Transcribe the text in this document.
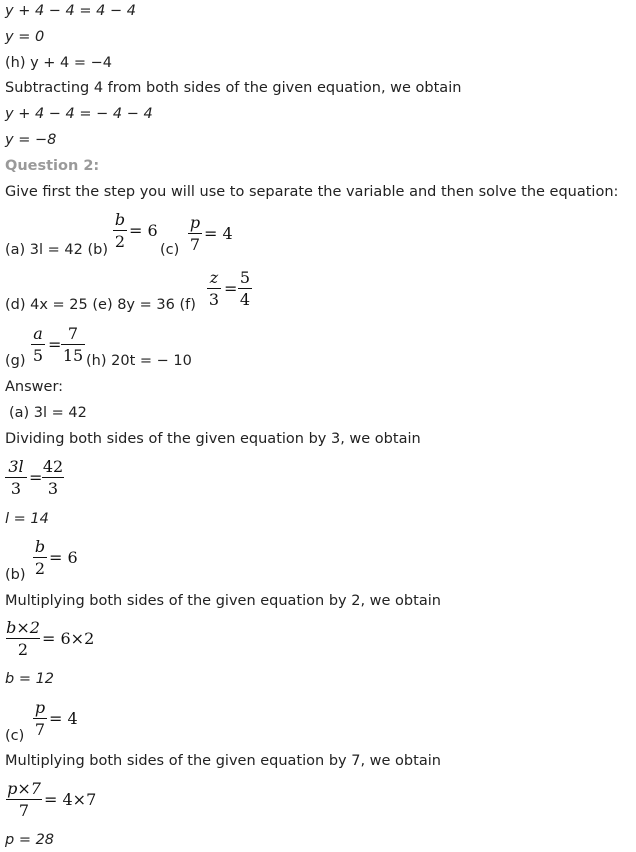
y + 4 − 4 = 4 − 4
y = 0
(h) y + 4 = −4
Subtracting 4 from both sides of the given equation, we obtain
y + 4 − 4 = − 4 − 4
y = −8
Question 2:
Give first the step you will use to separate the variable and then solve the equation:
(a) 3l = 42 (b)	(c)
(d) 4x = 25 (e) 8y = 36 (f)
(g)	(h) 20t = − 10
Answer:
(a) 3l = 42
Dividing both sides of the given equation by 3, we obtain
l = 14
(b)
Multiplying both sides of the given equation by 2, we obtain
b = 12
(c)
Multiplying both sides of the given equation by 7, we obtain
p = 28
b
2
= 6 p
7
= 4
z
3
=
5
4
a
5
=
7
15
3l
3
=
42
3
b
2
= 6
b×2
2
= 6×2
p
7
= 4
p×7
7
= 4×7
